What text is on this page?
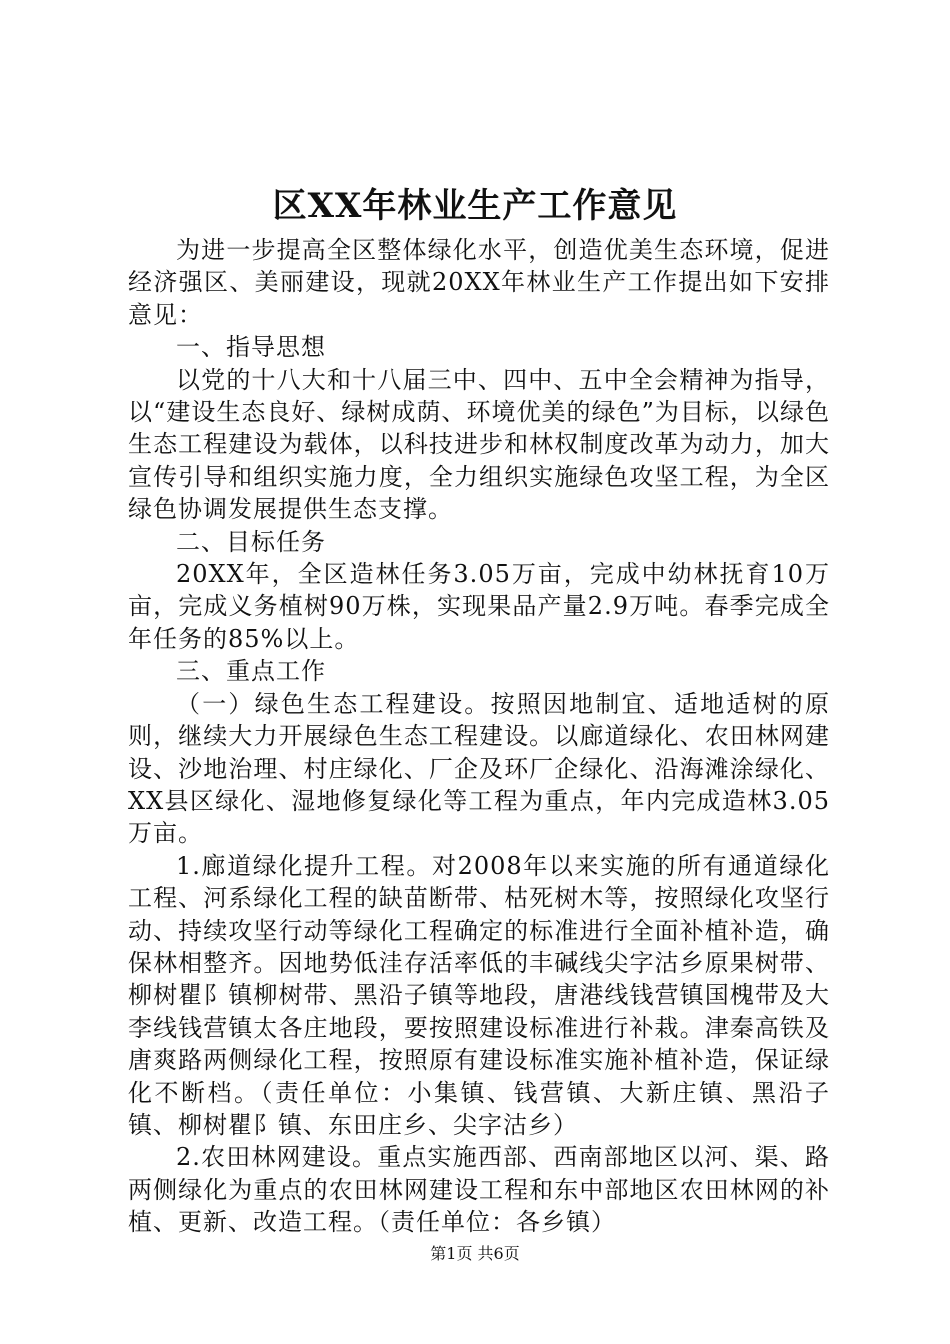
区XX年林业生产工作意见

为进一步提高全区整体绿化水平，创造优美生态环境，促进经济强区、美丽建设，现就20XX年林业生产工作提出如下安排意见：

一、指导思想

以党的十八大和十八届三中、四中、五中全会精神为指导，以“建设生态良好、绿树成荫、环境优美的绿色”为目标，以绿色生态工程建设为载体，以科技进步和林权制度改革为动力，加大宣传引导和组织实施力度，全力组织实施绿色攻坚工程，为全区绿色协调发展提供生态支撑。

二、目标任务

20XX年，全区造林任务3.05万亩，完成中幼林抚育10万亩，完成义务植树90万株，实现果品产量2.9万吨。春季完成全年任务的85%以上。

三、重点工作

（一）绿色生态工程建设。按照因地制宜、适地适树的原则，继续大力开展绿色生态工程建设。以廊道绿化、农田林网建设、沙地治理、村庄绿化、厂企及环厂企绿化、沿海滩涂绿化、XX县区绿化、湿地修复绿化等工程为重点，年内完成造林3.05万亩。

1.廊道绿化提升工程。对2008年以来实施的所有通道绿化工程、河系绿化工程的缺苗断带、枯死树木等，按照绿化攻坚行动、持续攻坚行动等绿化工程确定的标准进行全面补植补造，确保林相整齐。因地势低洼存活率低的丰碱线尖字沽乡原果树带、柳树瞿阝镇柳树带、黑沿子镇等地段，唐港线钱营镇国槐带及大李线钱营镇太各庄地段，要按照建设标准进行补栽。津秦高铁及唐爽路两侧绿化工程，按照原有建设标准实施补植补造，保证绿化不断档。（责任单位：小集镇、钱营镇、大新庄镇、黑沿子镇、柳树瞿阝镇、东田庄乡、尖字沽乡）

2.农田林网建设。重点实施西部、西南部地区以河、渠、路两侧绿化为重点的农田林网建设工程和东中部地区农田林网的补植、更新、改造工程。（责任单位：各乡镇）

第1页 共6页
